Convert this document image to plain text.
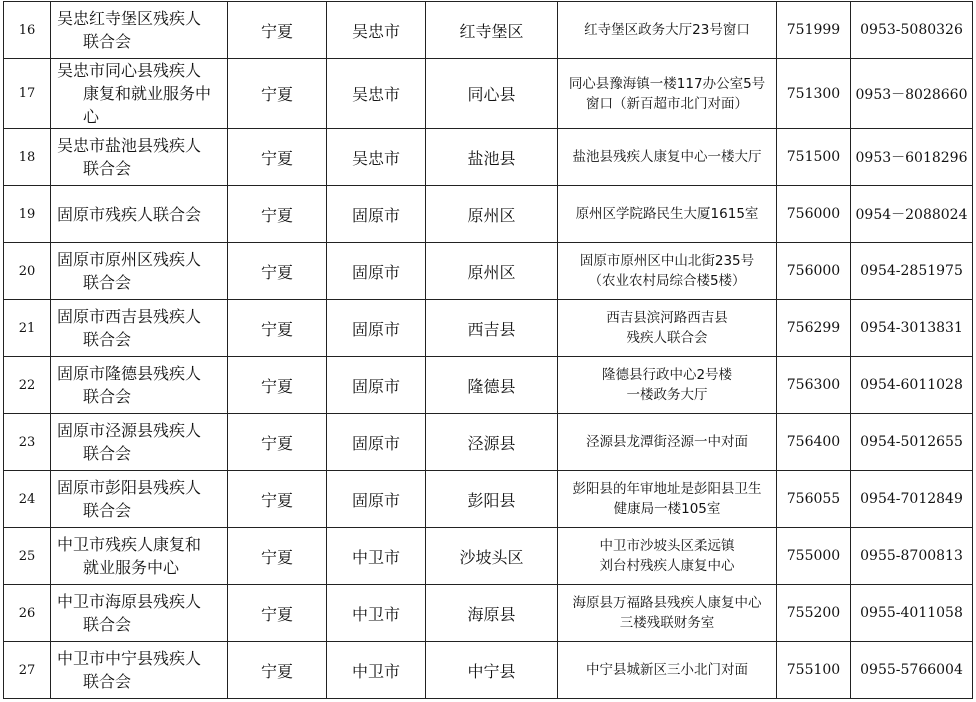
16	吴忠红寺堡区残疾人
联合会	宁夏	吴忠市	红寺堡区	红寺堡区政务大厅23号窗口	751999	0953-5080326
17	吴忠市同心县残疾人
康复和就业服务中心	宁夏	吴忠市	同心县	同心县豫海镇一楼117办公室5号
窗口（新百超市北门对面）	751300	0953－8028660
18	吴忠市盐池县残疾人
联合会	宁夏	吴忠市	盐池县	盐池县残疾人康复中心一楼大厅	751500	0953－6018296
19	固原市残疾人联合会	宁夏	固原市	原州区	原州区学院路民生大厦1615室	756000	0954－2088024
20	固原市原州区残疾人
联合会	宁夏	固原市	原州区	固原市原州区中山北街235号
（农业农村局综合楼5楼）	756000	0954-2851975
21	固原市西吉县残疾人
联合会	宁夏	固原市	西吉县	西吉县滨河路西吉县
残疾人联合会	756299	0954-3013831
22	固原市隆德县残疾人
联合会	宁夏	固原市	隆德县	隆德县行政中心2号楼
一楼政务大厅	756300	0954-6011028
23	固原市泾源县残疾人
联合会	宁夏	固原市	泾源县	泾源县龙潭街泾源一中对面	756400	0954-5012655
24	固原市彭阳县残疾人
联合会	宁夏	固原市	彭阳县	彭阳县的年审地址是彭阳县卫生
健康局一楼105室	756055	0954-7012849
25	中卫市残疾人康复和
就业服务中心	宁夏	中卫市	沙坡头区	中卫市沙坡头区柔远镇
刘台村残疾人康复中心	755000	0955-8700813
26	中卫市海原县残疾人
联合会	宁夏	中卫市	海原县	海原县万福路县残疾人康复中心
三楼残联财务室	755200	0955-4011058
27	中卫市中宁县残疾人
联合会	宁夏	中卫市	中宁县	中宁县城新区三小北门对面	755100	0955-5766004
